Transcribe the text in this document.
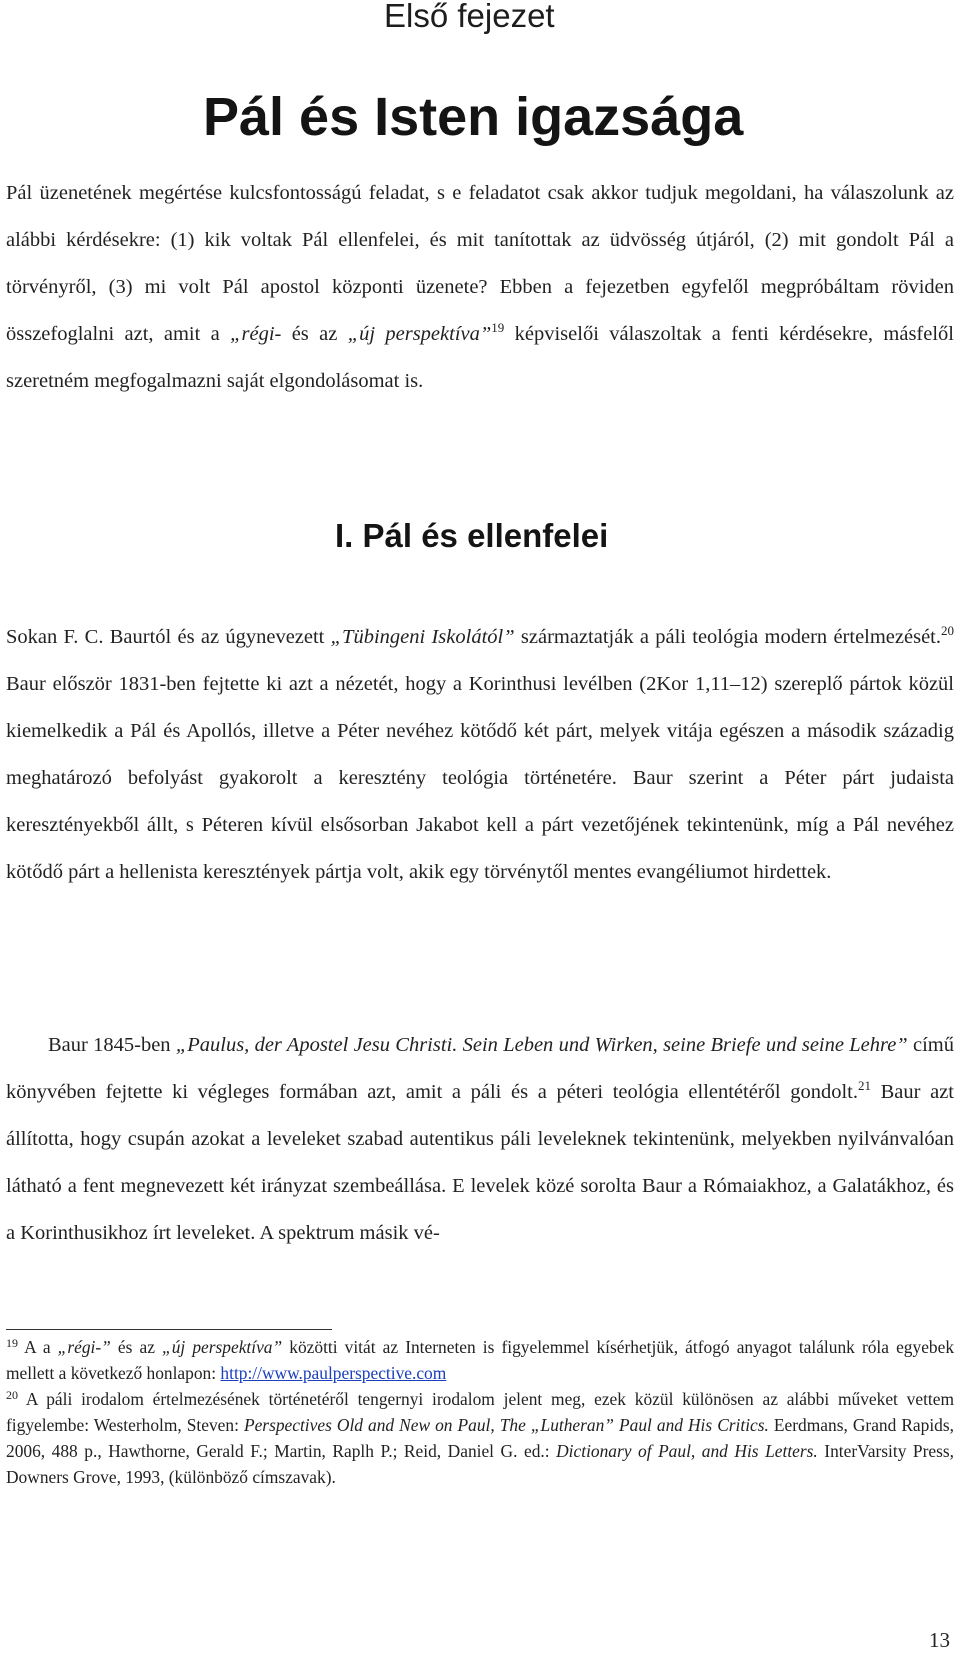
Első fejezet
Pál és Isten igazsága

Pál üzenetének megértése kulcsfontosságú feladat, s e feladatot csak akkor tudjuk megoldani, ha válaszolunk az alábbi kérdésekre: (1) kik voltak Pál ellenfelei, és mit tanítottak az üdvösség útjáról, (2) mit gondolt Pál a törvényről, (3) mi volt Pál apostol központi üzenete? Ebben a fejezetben egyfelől megpróbáltam röviden összefoglalni azt, amit a „régi- és az „új perspektíva”$^{19}$ képviselői válaszoltak a fenti kérdésekre, másfelől szeretném megfogalmazni saját elgondolásomat is.

I. Pál és ellenfelei

Sokan F. C. Baurtól és az úgynevezett „Tübingeni Iskolától” származtatják a páli teológia modern értelmezését.$^{20}$ Baur először 1831-ben fejtette ki azt a nézetét, hogy a Korinthusi levélben (2Kor 1,11–12) szereplő pártok közül kiemelkedik a Pál és Apollós, illetve a Péter nevéhez kötődő két párt, melyek vitája egészen a második századig meghatározó befolyást gyakorolt a keresztény teológia történetére. Baur szerint a Péter párt judaista keresztényekből állt, s Péteren kívül elsősorban Jakabot kell a párt vezetőjének tekintenünk, míg a Pál nevéhez kötődő párt a hellenista keresztények pártja volt, akik egy törvénytől mentes evangéliumot hirdettek.

Baur 1845-ben „Paulus, der Apostel Jesu Christi. Sein Leben und Wirken, seine Briefe und seine Lehre” című könyvében fejtette ki végleges formában azt, amit a páli és a péteri teológia ellentétéről gondolt.$^{21}$ Baur azt állította, hogy csupán azokat a leveleket szabad autentikus páli leveleknek tekintenünk, melyekben nyilvánvalóan látható a fent megnevezett két irányzat szembeállása. E levelek közé sorolta Baur a Rómaiakhoz, a Galatákhoz, és a Korinthusikhoz írt leveleket. A spektrum másik vé-

$^{19}$ A a „régi-” és az „új perspektíva” közötti vitát az Interneten is figyelemmel kísérhetjük, átfogó anyagot találunk róla egyebek mellett a következő honlapon: http://www.paulperspective.com

$^{20}$ A páli irodalom értelmezésének történetéről tengernyi irodalom jelent meg, ezek közül különösen az alábbi műveket vettem figyelembe: Westerholm, Steven: Perspectives Old and New on Paul, The „Lutheran” Paul and His Critics. Eerdmans, Grand Rapids, 2006, 488 p., Hawthorne, Gerald F.; Martin, Raplh P.; Reid, Daniel G. ed.: Dictionary of Paul, and His Letters. InterVarsity Press, Downers Grove, 1993, (különböző címszavak).

13
